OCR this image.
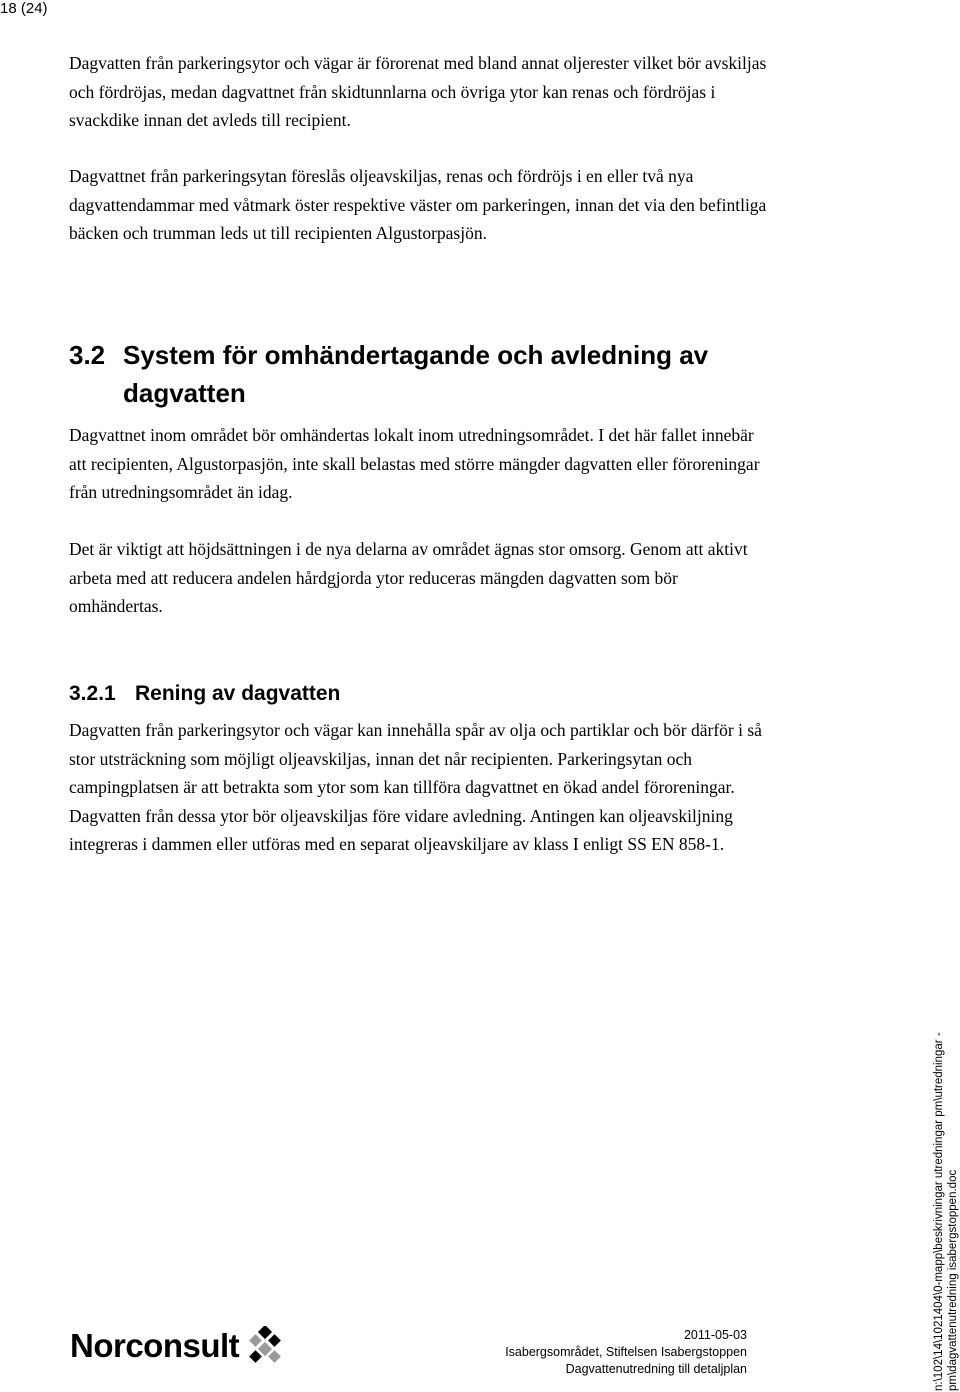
18 (24)

Dagvatten från parkeringsytor och vägar är förorenat med bland annat oljerester vilket bör avskiljas och fördröjas, medan dagvattnet från skidtunnlarna och övriga ytor kan renas och fördröjas i svackdike innan det avleds till recipient.

Dagvattnet från parkeringsytan föreslås oljeavskiljas, renas och fördröjs i en eller två nya dagvattendammar med våtmark öster respektive väster om parkeringen, innan det via den befintliga bäcken och trumman leds ut till recipienten Algustorpasjön.

3.2 System för omhändertagande och avledning av
dagvatten

Dagvattnet inom området bör omhändertas lokalt inom utredningsområdet. I det här fallet innebär att recipienten, Algustorpasjön, inte skall belastas med större mängder dagvatten eller föroreningar från utredningsområdet än idag.

Det är viktigt att höjdsättningen i de nya delarna av området ägnas stor omsorg. Genom att aktivt arbeta med att reducera andelen hårdgjorda ytor reduceras mängden dagvatten som bör omhändertas.

3.2.1 Rening av dagvatten

Dagvatten från parkeringsytor och vägar kan innehålla spår av olja och partiklar och bör därför i så stor utsträckning som möjligt oljeavskiljas, innan det når recipienten. Parkeringsytan och campingplatsen är att betrakta som ytor som kan tillföra dagvattnet en ökad andel föroreningar. Dagvatten från dessa ytor bör oljeavskiljas före vidare avledning. Antingen kan oljeavskiljning integreras i dammen eller utföras med en separat oljeavskiljare av klass I enligt SS EN 858-1.

Norconsult	2011-05-03
Isabergsområdet, Stiftelsen Isabergstoppen
Dagvattenutredning till detaljplan	n:\102\14\1021404\0-mapp\beskrivningar utredningar pm\utredningar - pm\dagvattenutredning isabergstoppen.doc
